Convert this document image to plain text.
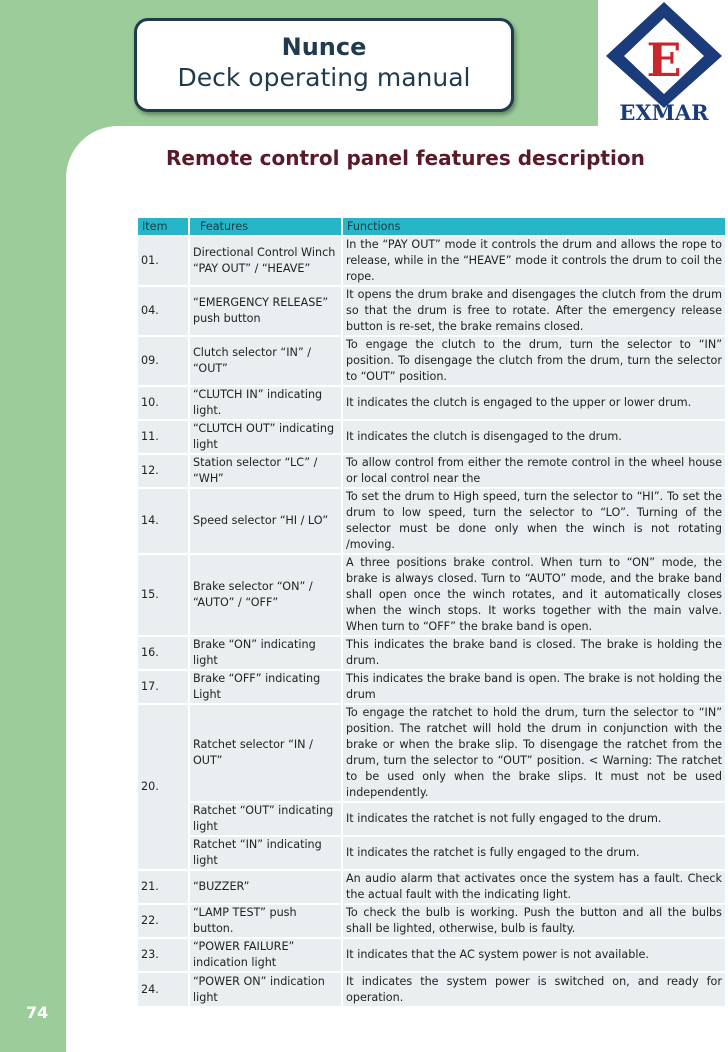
Nunce
Deck operating manual	E
EXMAR
Remote control panel features description
Item	Features	Functions
01.	Directional Control Winch “PAY OUT” / “HEAVE”	In the “PAY OUT” mode it controls the drum and allows the rope to release, while in the “HEAVE” mode it controls the drum to coil the rope.
04.	“EMERGENCY RELEASE” push button	It opens the drum brake and disengages the clutch from the drum so that the drum is free to rotate. After the emergency release button is re-set, the brake remains closed.
09.	Clutch selector “IN” / “OUT”	To engage the clutch to the drum, turn the selector to “IN” position. To disengage the clutch from the drum, turn the selector to “OUT” position.
10.	“CLUTCH IN” indicating light.	It indicates the clutch is engaged to the upper or lower drum.
11.	“CLUTCH OUT” indicating light	It indicates the clutch is disengaged to the drum.
12.	Station selector “LC” / “WH”	To allow control from either the remote control in the wheel house or local control near the
14.	Speed selector “HI / LO”	To set the drum to High speed, turn the selector to “HI”. To set the drum to low speed, turn the selector to “LO”. Turning of the selector must be done only when the winch is not rotating /moving.
15.	Brake selector “ON” / “AUTO” / “OFF”	A three positions brake control. When turn to “ON” mode, the brake is always closed. Turn to “AUTO” mode, and the brake band shall open once the winch rotates, and it automatically closes when the winch stops. It works together with the main valve. When turn to “OFF” the brake band is open.
16.	Brake “ON” indicating light	This indicates the brake band is closed. The brake is holding the drum.
17.	Brake “OFF” indicating Light	This indicates the brake band is open. The brake is not holding the drum
20.	Ratchet selector “IN / OUT”	To engage the ratchet to hold the drum, turn the selector to “IN” position. The ratchet will hold the drum in conjunction with the brake or when the brake slip. To disengage the ratchet from the drum, turn the selector to “OUT” position. < Warning: The ratchet to be used only when the brake slips. It must not be used independently.
	Ratchet “OUT” indicating light	It indicates the ratchet is not fully engaged to the drum.
	Ratchet “IN” indicating light	It indicates the ratchet is fully engaged to the drum.
21.	“BUZZER”	An audio alarm that activates once the system has a fault. Check the actual fault with the indicating light.
22.	“LAMP TEST” push button.	To check the bulb is working. Push the button and all the bulbs shall be lighted, otherwise, bulb is faulty.
23.	“POWER FAILURE” indication light	It indicates that the AC system power is not available.
24.	“POWER ON” indication light	It indicates the system power is switched on, and ready for operation.
74
